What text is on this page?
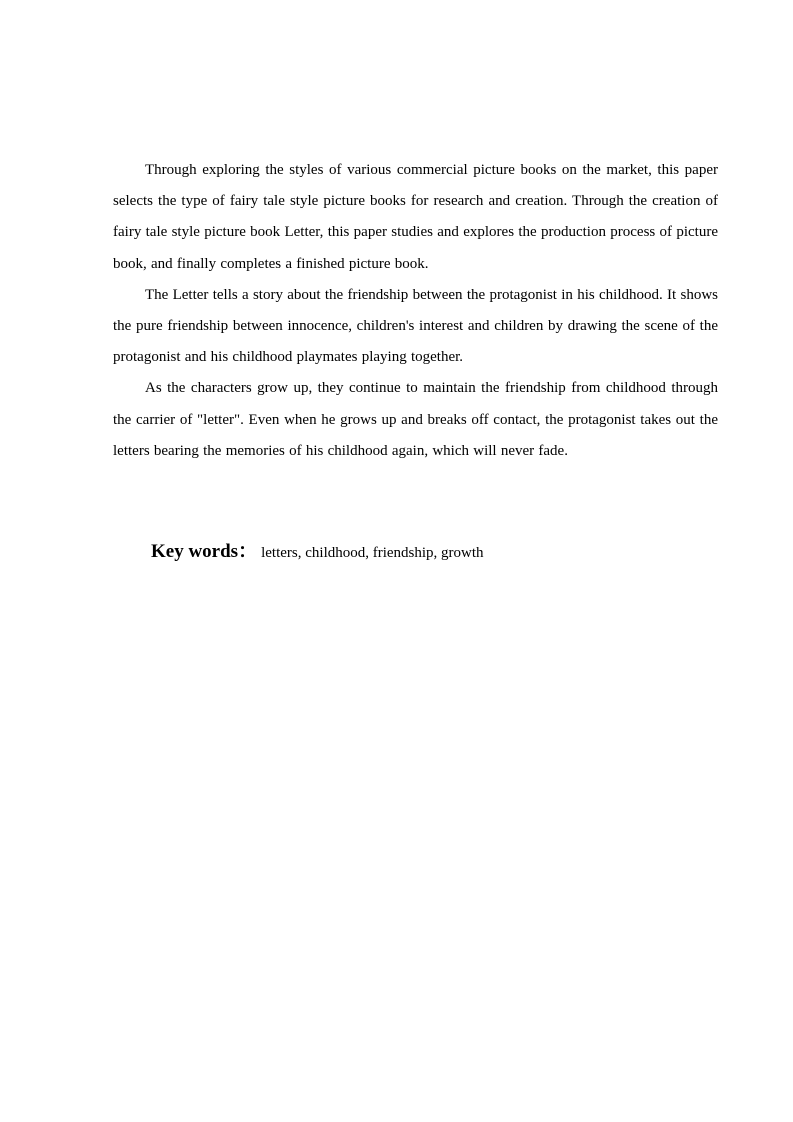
Through exploring the styles of various commercial picture books on the market, this paper selects the type of fairy tale style picture books for research and creation. Through the creation of fairy tale style picture book Letter, this paper studies and explores the production process of picture book, and finally completes a finished picture book.

The Letter tells a story about the friendship between the protagonist in his childhood. It shows the pure friendship between innocence, children's interest and children by drawing the scene of the protagonist and his childhood playmates playing together.

As the characters grow up, they continue to maintain the friendship from childhood through the carrier of "letter". Even when he grows up and breaks off contact, the protagonist takes out the letters bearing the memories of his childhood again, which will never fade.

Key words： letters, childhood, friendship, growth
